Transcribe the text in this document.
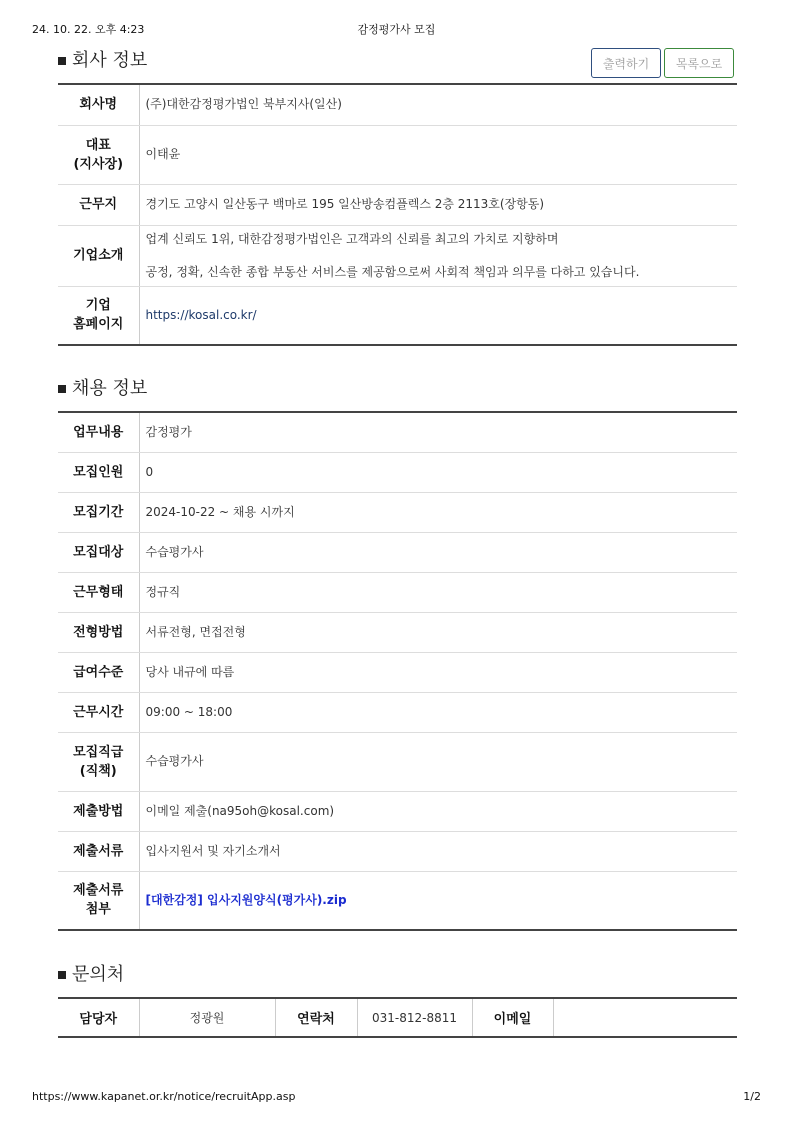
24. 10. 22. 오후 4:23	감정평가사 모집
회사 정보	출력하기	목록으로
회사명	(주)대한감정평가법인 북부지사(일산)

대표
(지사장)	이태윤
근무지	경기도 고양시 일산동구 백마로 195 일산방송컴플렉스 2층 2113호(장항동)
기업소개	업계 신뢰도 1위, 대한감정평가법인은 고객과의 신뢰를 최고의 가치로 지향하며
공정, 정확, 신속한 종합 부동산 서비스를 제공함으로써 사회적 책임과 의무를 다하고 있습니다.

기업
홈페이지	https://kosal.co.kr/
채용 정보
업무내용	감정평가
모집인원	0
모집기간	2024-10-22 ~ 채용 시까지
모집대상	수습평가사
근무형태	정규직
전형방법	서류전형, 면접전형
급여수준	당사 내규에 따름
근무시간	09:00 ~ 18:00

모집직급
(직책)	수습평가사
제출방법	이메일 제출(na95oh@kosal.com)
제출서류	입사지원서 및 자기소개서

제출서류
첨부	[대한감정] 입사지원양식(평가사).zip
문의처
담당자	정광원	연락처	031-812-8811	이메일	
https://www.kapanet.or.kr/notice/recruitApp.asp	1/2
